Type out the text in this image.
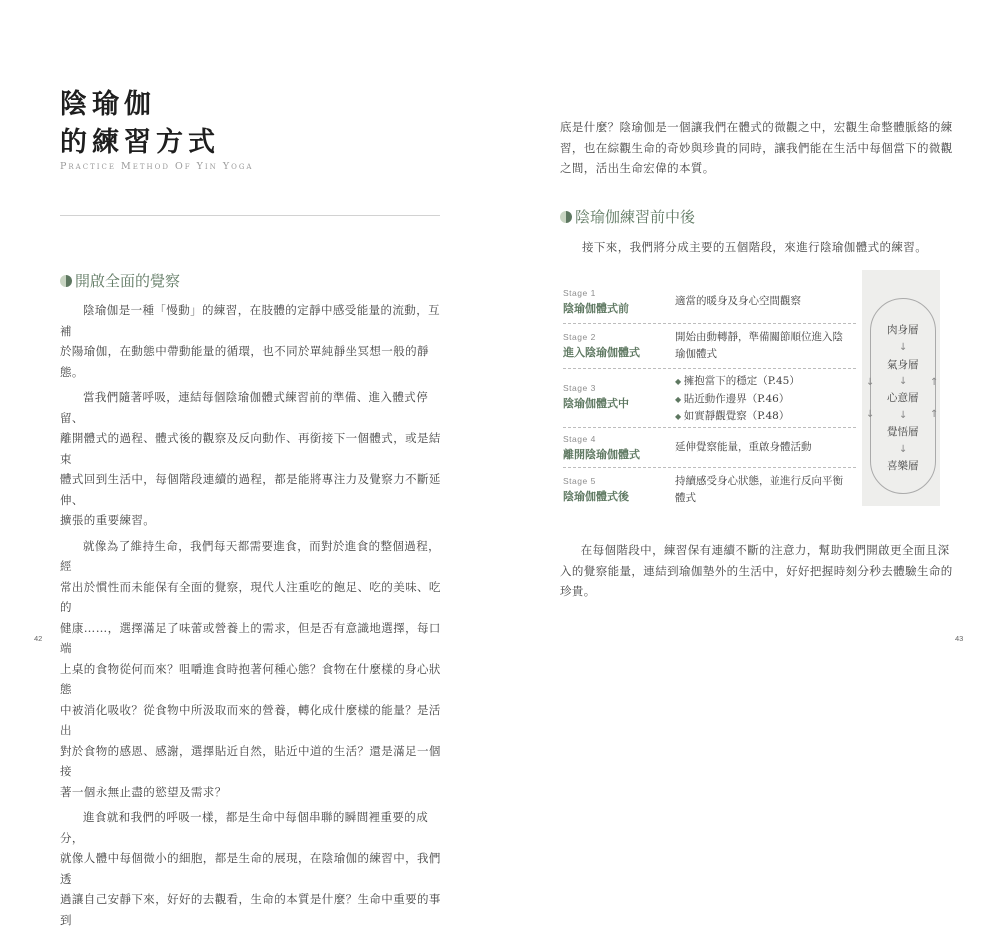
陰瑜伽
的練習方式
Practice Method Of Yin Yoga
開啟全面的覺察

陰瑜伽是一種「慢動」的練習，在肢體的定靜中感受能量的流動，互補
於陽瑜伽，在動態中帶動能量的循環，也不同於單純靜坐冥想一般的靜態。

當我們隨著呼吸，連結每個陰瑜伽體式練習前的準備、進入體式停留、
離開體式的過程、體式後的觀察及反向動作、再銜接下一個體式，或是結束
體式回到生活中，每個階段連續的過程，都是能將專注力及覺察力不斷延伸、
擴張的重要練習。

就像為了維持生命，我們每天都需要進食，而對於進食的整個過程，經
常出於慣性而未能保有全面的覺察，現代人注重吃的飽足、吃的美味、吃的
健康……，選擇滿足了味蕾或營養上的需求，但是否有意識地選擇，每口端
上桌的食物從何而來？咀嚼進食時抱著何種心態？食物在什麼樣的身心狀態
中被消化吸收？從食物中所汲取而來的營養，轉化成什麼樣的能量？是活出
對於食物的感恩、感謝，選擇貼近自然，貼近中道的生活？還是滿足一個接
著一個永無止盡的慾望及需求？

進食就和我們的呼吸一樣，都是生命中每個串聯的瞬間裡重要的成分，
就像人體中每個微小的細胞，都是生命的展現，在陰瑜伽的練習中，我們透
過讓自己安靜下來，好好的去觀看，生命的本質是什麼？生命中重要的事到

42

底是什麼？陰瑜伽是一個讓我們在體式的微觀之中，宏觀生命整體脈絡的練

習，也在綜觀生命的奇妙與珍貴的同時，讓我們能在生活中每個當下的微觀

之間，活出生命宏偉的本質。

陰瑜伽練習前中後
接下來，我們將分成主要的五個階段，來進行陰瑜伽體式的練習。
Stage 1
陰瑜伽體式前
適當的暖身及身心空間觀察
Stage 2
進入陰瑜伽體式
開始由動轉靜，準備關節順位進入陰
瑜伽體式
Stage 3
陰瑜伽體式中
◆ 擁抱當下的穩定（P.45）
◆ 貼近動作邊界（P.46）
◆ 如實靜觀覺察（P.48）
Stage 4
離開陰瑜伽體式
延伸覺察能量，重啟身體活動
Stage 5
陰瑜伽體式後
持續感受身心狀態，並進行反向平衡
體式
肉身層
氣身層
心意層
覺悟層
喜樂層
↓
↓
↓
↓
↓
↓
↑
↑

在每個階段中，練習保有連續不斷的注意力，幫助我們開啟更全面且深

入的覺察能量，連結到瑜伽墊外的生活中，好好把握時刻分秒去體驗生命的

珍貴。

43
